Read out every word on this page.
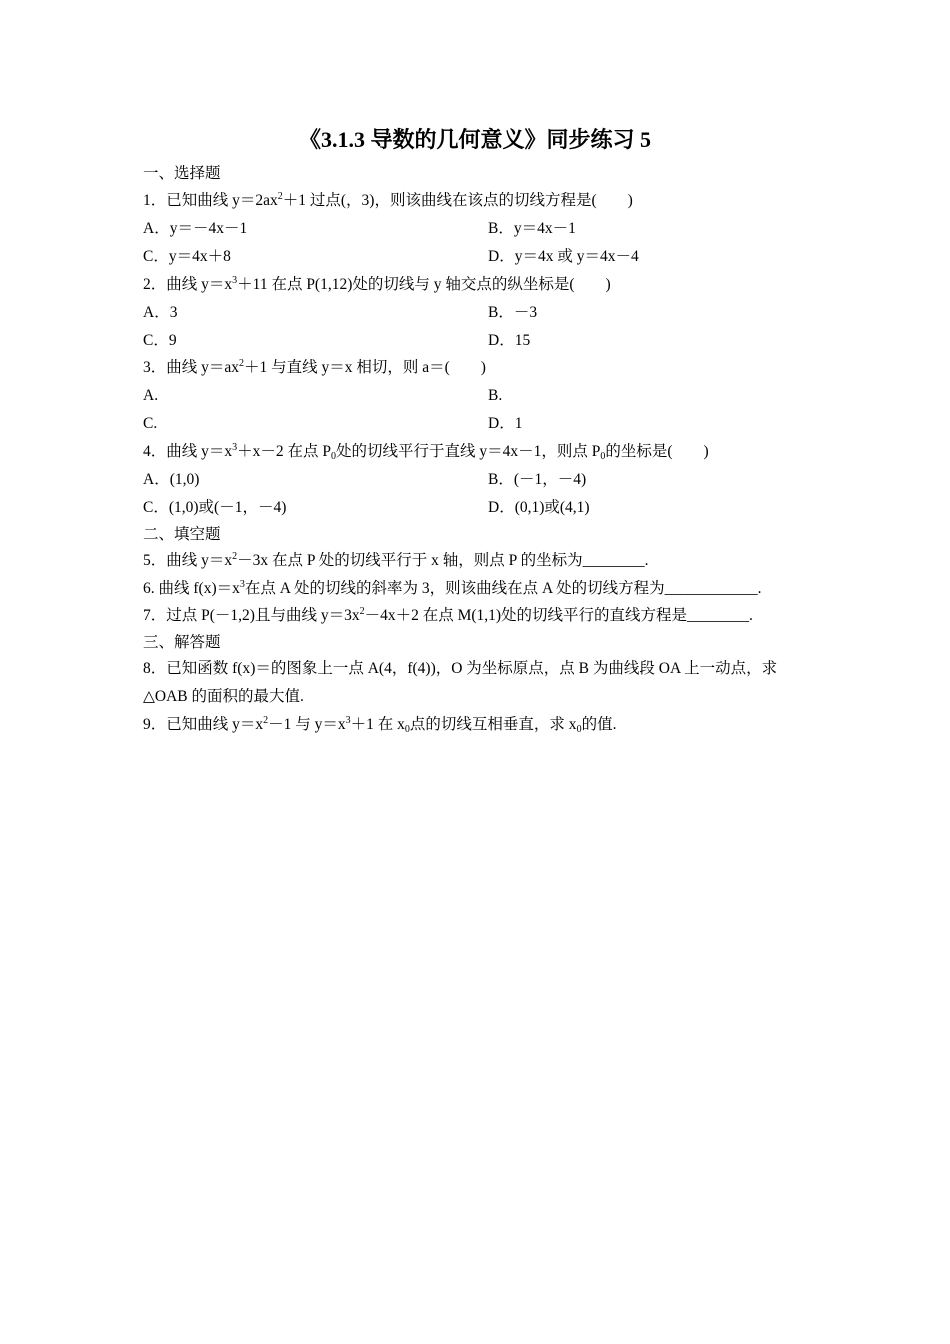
《3.1.3 导数的几何意义》同步练习 5
一、选择题
1．已知曲线 $y=2ax^2+1$ 过点(，3)，则该曲线在该点的切线方程是(　　)
A．y＝－4x－1	B．y＝4x－1
C．y＝4x＋8	D．y＝4x 或 y＝4x－4
2．曲线 $y=x^3+11$ 在点 P(1,12)处的切线与 y 轴交点的纵坐标是(　　)
A．3	B．－3
C．9	D．15
3．曲线 $y=ax^2+1$ 与直线 y＝x 相切，则 a＝(　　)
A.	B.
C.	D．1
4．曲线 $y=x^3+x-2$ 在点 $P_0$处的切线平行于直线 y＝4x－1，则点 $P_0$的坐标是(　　)
A．(1,0)	B．(－1，－4)
C．(1,0)或(－1，－4)	D．(0,1)或(4,1)
二、填空题
5．曲线 $y=x^2-3x$ 在点 P 处的切线平行于 x 轴，则点 P 的坐标为________.
6. 曲线 $f(x)=x^3$在点 A 处的切线的斜率为 3，则该曲线在点 A 处的切线方程为____________.
7．过点 P(－1,2)且与曲线 $y=3x^2-4x+2$ 在点 M(1,1)处的切线平行的直线方程是________.
三、解答题
8．已知函数 f(x)＝的图象上一点 A(4，f(4))，O 为坐标原点，点 B 为曲线段 OA 上一动点，求
△OAB 的面积的最大值.
9．已知曲线 $y=x^2-1$ 与 $y=x^3+1$ 在 $x_0$点的切线互相垂直，求 $x_0$的值.
